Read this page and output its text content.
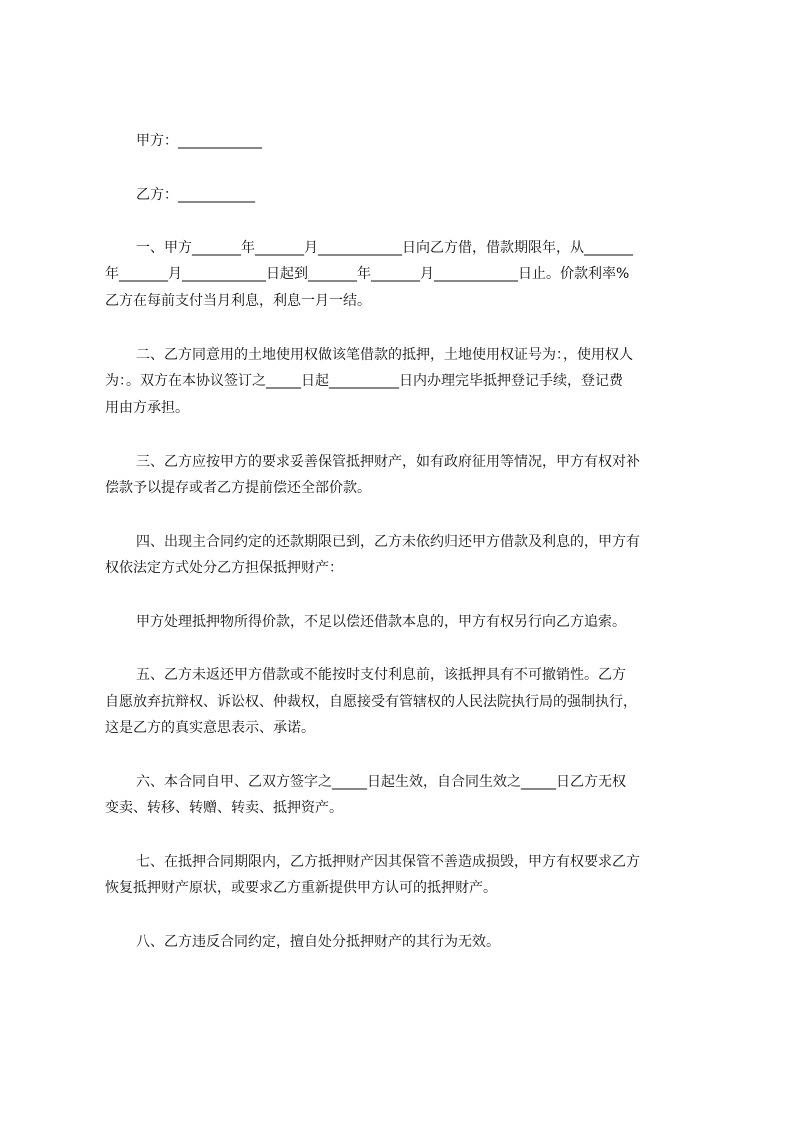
甲方：____________
乙方：___________
一、甲方_______年_______月____________日向乙方借，借款期限年，从_______
年_______月____________日起到_______年_______月____________日止。价款利率%
乙方在每前支付当月利息，利息一月一结。
二、乙方同意用的土地使用权做该笔借款的抵押，土地使用权证号为：，使用权人
为：。双方在本协议签订之_____日起__________日内办理完毕抵押登记手续，登记费
用由方承担。
三、乙方应按甲方的要求妥善保管抵押财产，如有政府征用等情况，甲方有权对补
偿款予以提存或者乙方提前偿还全部价款。
四、出现主合同约定的还款期限已到，乙方未依约归还甲方借款及利息的，甲方有
权依法定方式处分乙方担保抵押财产：
甲方处理抵押物所得价款，不足以偿还借款本息的，甲方有权另行向乙方追索。
五、乙方未返还甲方借款或不能按时支付利息前，该抵押具有不可撤销性。乙方
自愿放弃抗辩权、诉讼权、仲裁权，自愿接受有管辖权的人民法院执行局的强制执行，
这是乙方的真实意思表示、承诺。
六、本合同自甲、乙双方签字之_____日起生效，自合同生效之_____日乙方无权
变卖、转移、转赠、转卖、抵押资产。
七、在抵押合同期限内，乙方抵押财产因其保管不善造成损毁，甲方有权要求乙方
恢复抵押财产原状，或要求乙方重新提供甲方认可的抵押财产。
八、乙方违反合同约定，擅自处分抵押财产的其行为无效。
